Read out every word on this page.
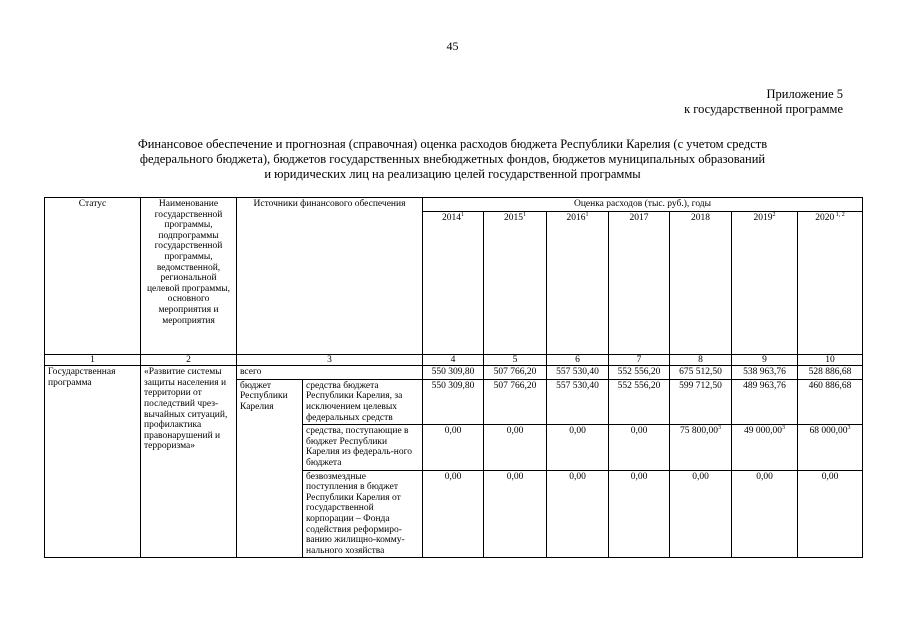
45
Приложение 5
к государственной программе
Финансовое обеспечение и прогнозная (справочная) оценка расходов бюджета Республики Карелия (с учетом средств
федерального бюджета), бюджетов государственных внебюджетных фондов, бюджетов муниципальных образований
и юридических лиц на реализацию целей государственной программы
Статус	Наименование государственной программы, подпрограммы государственной программы, ведомственной, региональной целевой программы, основного мероприятия и мероприятия	Источники финансового обеспечения		Оценка расходов (тыс. руб.), годы						
				2014$^1$	2015$^1$	2016$^1$	2017	2018	2019$^2$	2020 $^{1, 2}$
1	2	3		4	5	6	7	8	9	10
Государственная программа	«Развитие системы защиты населения и территории от последствий чрез-вычайных ситуаций, профилактика правонарушений и терроризма»	всего		550 309,80	507 766,20	557 530,40	552 556,20	675 512,50	538 963,76	528 886,68
		бюджет Республики Карелия	средства бюджета Республики Карелия, за исключением целевых федеральных средств	550 309,80	507 766,20	557 530,40	552 556,20	599 712,50	489 963,76	460 886,68
			средства, поступающие в бюджет Республики Карелия из федераль-ного бюджета	0,00	0,00	0,00	0,00	75 800,00$^3$	49 000,00$^3$	68 000,00$^3$
			безвозмездные поступления в бюджет Республики Карелия от государственной корпорации – Фонда содействия реформиро-ванию жилищно-комму-нального хозяйства	0,00	0,00	0,00	0,00	0,00	0,00	0,00
